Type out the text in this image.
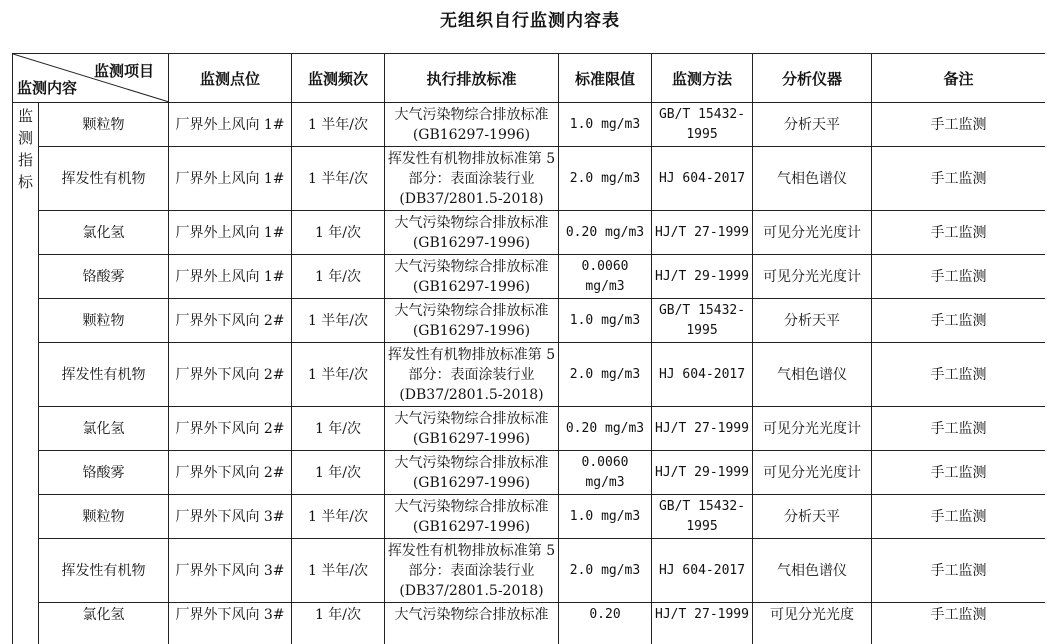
无组织自行监测内容表
监测项目
监测内容		监测点位	监测频次	执行排放标准	标准限值	监测方法	分析仪器	备注
监测指标	颗粒物	厂界外上风向 1#	1 半年/次	大气污染物综合排放标准(GB16297-1996)	1.0 mg/m3	GB/T 15432-1995	分析天平	手工监测
	挥发性有机物	厂界外上风向 1#	1 半年/次	挥发性有机物排放标准第 5 部分：表面涂装行业(DB37/2801.5-2018)	2.0 mg/m3	HJ 604-2017	气相色谱仪	手工监测
	氯化氢	厂界外上风向 1#	1 年/次	大气污染物综合排放标准(GB16297-1996)	0.20 mg/m3	HJ/T 27-1999	可见分光光度计	手工监测
	铬酸雾	厂界外上风向 1#	1 年/次	大气污染物综合排放标准(GB16297-1996)	0.0060 mg/m3	HJ/T 29-1999	可见分光光度计	手工监测
	颗粒物	厂界外下风向 2#	1 半年/次	大气污染物综合排放标准(GB16297-1996)	1.0 mg/m3	GB/T 15432-1995	分析天平	手工监测
	挥发性有机物	厂界外下风向 2#	1 半年/次	挥发性有机物排放标准第 5 部分：表面涂装行业(DB37/2801.5-2018)	2.0 mg/m3	HJ 604-2017	气相色谱仪	手工监测
	氯化氢	厂界外下风向 2#	1 年/次	大气污染物综合排放标准(GB16297-1996)	0.20 mg/m3	HJ/T 27-1999	可见分光光度计	手工监测
	铬酸雾	厂界外下风向 2#	1 年/次	大气污染物综合排放标准(GB16297-1996)	0.0060 mg/m3	HJ/T 29-1999	可见分光光度计	手工监测
	颗粒物	厂界外下风向 3#	1 半年/次	大气污染物综合排放标准(GB16297-1996)	1.0 mg/m3	GB/T 15432-1995	分析天平	手工监测
	挥发性有机物	厂界外下风向 3#	1 半年/次	挥发性有机物排放标准第 5 部分：表面涂装行业(DB37/2801.5-2018)	2.0 mg/m3	HJ 604-2017	气相色谱仪	手工监测
	氯化氢	厂界外下风向 3#	1 年/次	大气污染物综合排放标准	0.20	HJ/T 27-1999	可见分光光度	手工监测
